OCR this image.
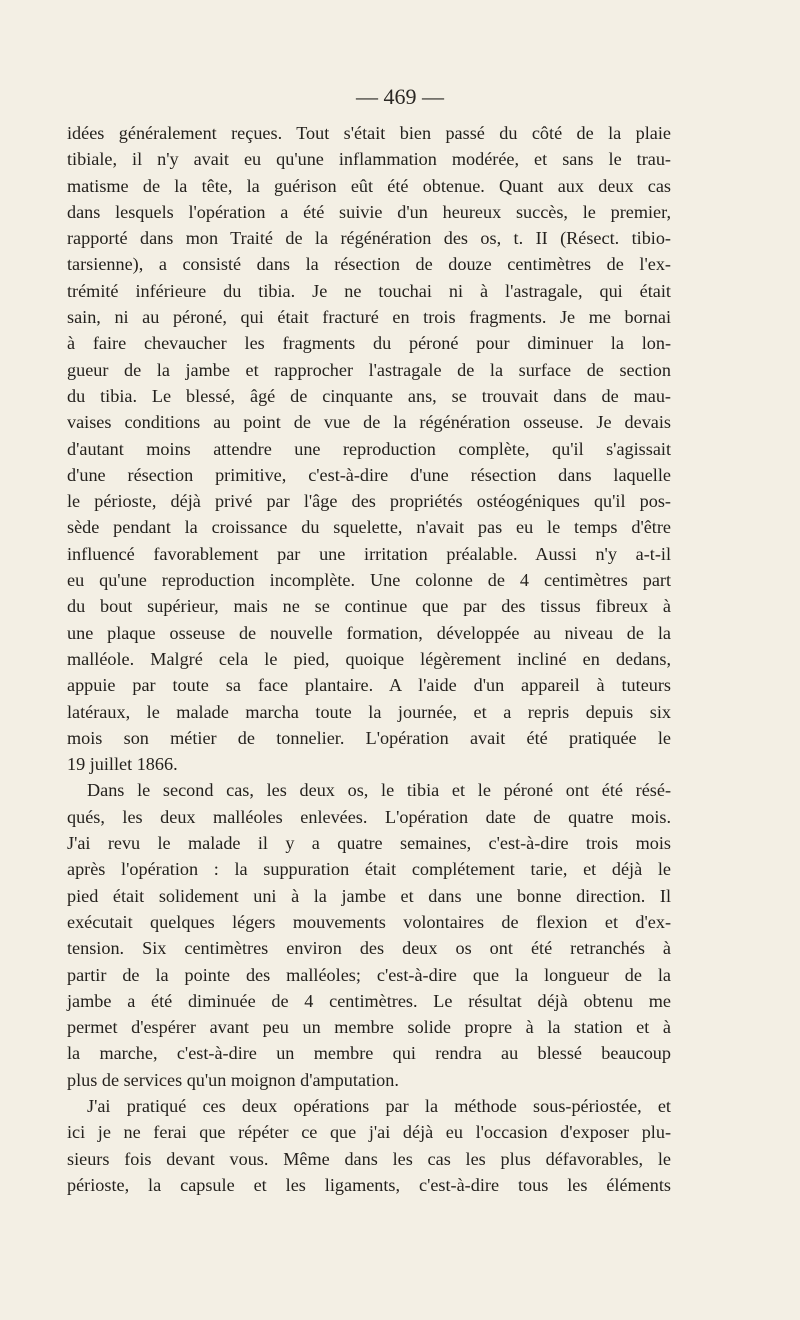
— 469 —
idées généralement reçues. Tout s'était bien passé du côté de la plaie
tibiale, il n'y avait eu qu'une inflammation modérée, et sans le trau-
matisme de la tête, la guérison eût été obtenue. Quant aux deux cas
dans lesquels l'opération a été suivie d'un heureux succès, le premier,
rapporté dans mon Traité de la régénération des os, t. II (Résect. tibio-
tarsienne), a consisté dans la résection de douze centimètres de l'ex-
trémité inférieure du tibia. Je ne touchai ni à l'astragale, qui était
sain, ni au péroné, qui était fracturé en trois fragments. Je me bornai
à faire chevaucher les fragments du péroné pour diminuer la lon-
gueur de la jambe et rapprocher l'astragale de la surface de section
du tibia. Le blessé, âgé de cinquante ans, se trouvait dans de mau-
vaises conditions au point de vue de la régénération osseuse. Je devais
d'autant moins attendre une reproduction complète, qu'il s'agissait
d'une résection primitive, c'est-à-dire d'une résection dans laquelle
le périoste, déjà privé par l'âge des propriétés ostéogéniques qu'il pos-
sède pendant la croissance du squelette, n'avait pas eu le temps d'être
influencé favorablement par une irritation préalable. Aussi n'y a-t-il
eu qu'une reproduction incomplète. Une colonne de 4 centimètres part
du bout supérieur, mais ne se continue que par des tissus fibreux à
une plaque osseuse de nouvelle formation, développée au niveau de la
malléole. Malgré cela le pied, quoique légèrement incliné en dedans,
appuie par toute sa face plantaire. A l'aide d'un appareil à tuteurs
latéraux, le malade marcha toute la journée, et a repris depuis six
mois son métier de tonnelier. L'opération avait été pratiquée le
19 juillet 1866.
Dans le second cas, les deux os, le tibia et le péroné ont été résé-
qués, les deux malléoles enlevées. L'opération date de quatre mois.
J'ai revu le malade il y a quatre semaines, c'est-à-dire trois mois
après l'opération : la suppuration était complétement tarie, et déjà le
pied était solidement uni à la jambe et dans une bonne direction. Il
exécutait quelques légers mouvements volontaires de flexion et d'ex-
tension. Six centimètres environ des deux os ont été retranchés à
partir de la pointe des malléoles; c'est-à-dire que la longueur de la
jambe a été diminuée de 4 centimètres. Le résultat déjà obtenu me
permet d'espérer avant peu un membre solide propre à la station et à
la marche, c'est-à-dire un membre qui rendra au blessé beaucoup
plus de services qu'un moignon d'amputation.
J'ai pratiqué ces deux opérations par la méthode sous-périostée, et
ici je ne ferai que répéter ce que j'ai déjà eu l'occasion d'exposer plu-
sieurs fois devant vous. Même dans les cas les plus défavorables, le
périoste, la capsule et les ligaments, c'est-à-dire tous les éléments
